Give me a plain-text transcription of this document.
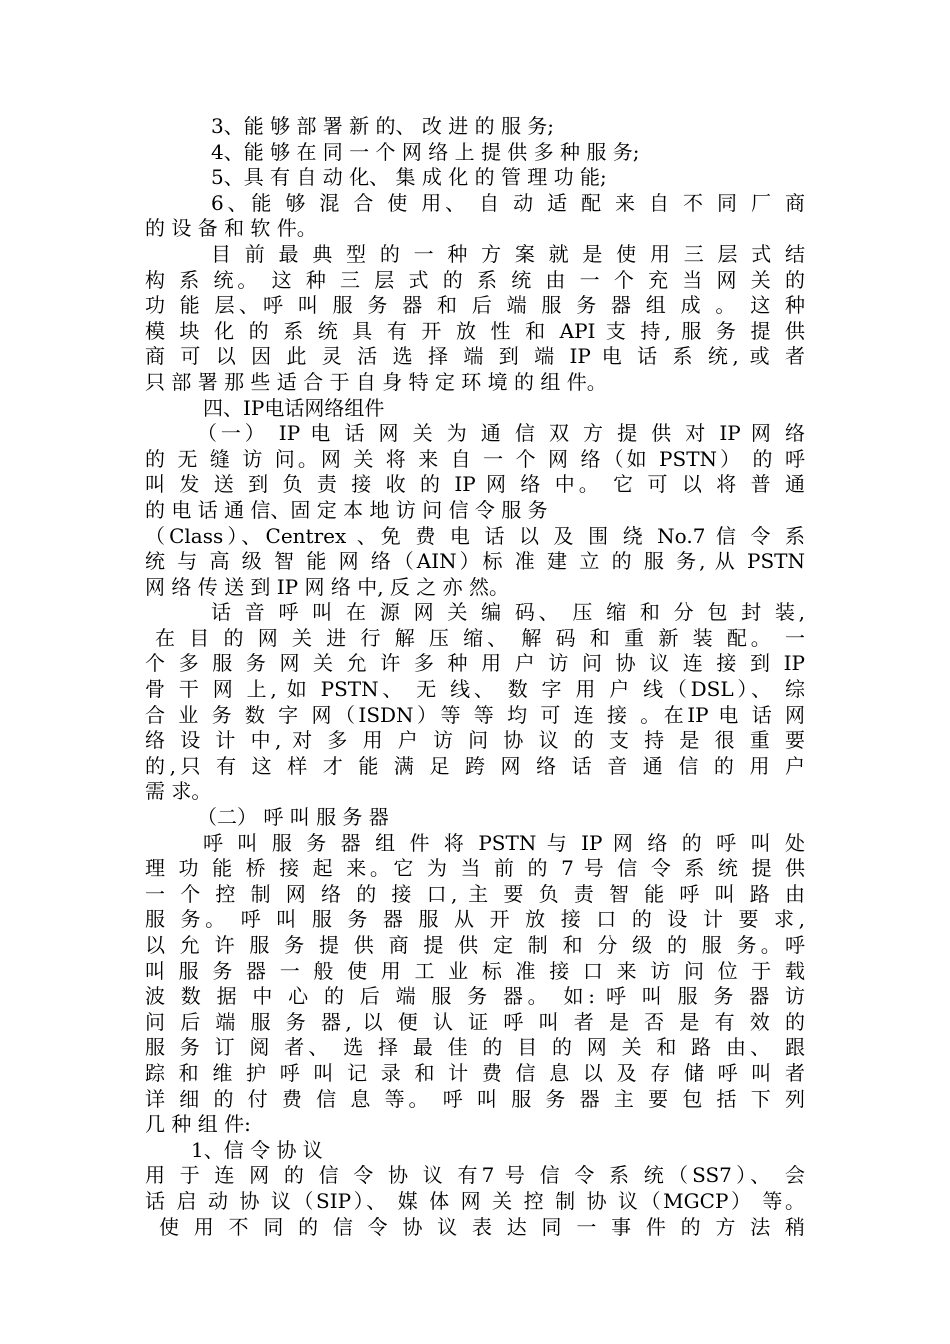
3、能 够 部 署 新 的、 改 进 的 服 务;
4、能 够 在 同 一 个 网 络 上 提 供 多 种 服 务;
5、具 有 自 动 化、 集 成 化 的 管 理 功 能;
6、能 够 混 合 使 用、 自 动 适 配 来 自 不 同 厂 商
的 设 备 和 软 件。
目 前 最 典 型 的 一 种 方 案 就 是 使 用 三 层 式 结
构 系 统。 这 种 三 层 式 的 系 统 由 一 个 充 当 网 关 的
功 能 层、呼 叫 服 务 器 和 后 端 服 务 器 组 成 。 这 种
模 块 化 的 系 统 具 有 开 放 性 和 API 支 持, 服 务 提 供
商 可 以 因 此 灵 活 选 择 端 到 端 IP 电 话 系 统, 或 者
只 部 署 那 些 适 合 于 自 身 特 定 环 境 的 组 件。
四、IP电话网络组件
（一） IP 电 话 网 关 为 通 信 双 方 提 供 对 IP 网 络
的 无 缝 访 问。网 关 将 来 自 一 个 网 络（如 PSTN） 的 呼
叫 发 送 到 负 责 接 收 的 IP 网 络 中。 它 可 以 将 普 通
的 电 话 通 信、固 定 本 地 访 问 信 令 服 务
（Class）、Centrex 、免 费 电 话 以 及 围 绕 No.7 信 令 系
统 与 高 级 智 能 网 络（AIN）标 准 建 立 的 服 务, 从 PSTN
网 络 传 送 到 IP 网 络 中, 反 之 亦 然。
话 音 呼 叫 在 源 网 关 编 码、 压 缩 和 分 包 封 装,
在 目 的 网 关 进 行 解 压 缩、 解 码 和 重 新 装 配。 一
个 多 服 务 网 关 允 许 多 种 用 户 访 问 协 议 连 接 到 IP
骨 干 网 上, 如 PSTN、 无 线、 数 字 用 户 线（DSL）、 综
合 业 务 数 字 网（ISDN）等 等 均 可 连 接 。在IP 电 话 网
络 设 计 中, 对 多 用 户 访 问 协 议 的 支 持 是 很 重 要
的,只 有 这 样 才 能 满 足 跨 网 络 话 音 通 信 的 用 户
需 求。
（二） 呼 叫 服 务 器
呼 叫 服 务 器 组 件 将 PSTN 与 IP 网 络 的 呼 叫 处
理 功 能 桥 接 起 来。它 为 当 前 的 7 号 信 令 系 统 提 供
一 个 控 制 网 络 的 接 口, 主 要 负 责 智 能 呼 叫 路 由
服 务。 呼 叫 服 务 器 服 从 开 放 接 口 的 设 计 要 求,
以 允 许 服 务 提 供 商 提 供 定 制 和 分 级 的 服 务。呼
叫 服 务 器 一 般 使 用 工 业 标 准 接 口 来 访 问 位 于 载
波 数 据 中 心 的 后 端 服 务 器。 如: 呼 叫 服 务 器 访
问 后 端 服 务 器, 以 便 认 证 呼 叫 者 是 否 是 有 效 的
服 务 订 阅 者、 选 择 最 佳 的 目 的 网 关 和 路 由、 跟
踪 和 维 护 呼 叫 记 录 和 计 费 信 息 以 及 存 储 呼 叫 者
详 细 的 付 费 信 息 等。 呼 叫 服 务 器 主 要 包 括 下 列
几 种 组 件:
1、信 令 协 议
用 于 连 网 的 信 令 协 议 有7 号 信 令 系 统（SS7）、 会
话 启 动 协 议（SIP）、 媒 体 网 关 控 制 协 议（MGCP） 等。
使 用 不 同 的 信 令 协 议 表 达 同 一 事 件 的 方 法 稍
